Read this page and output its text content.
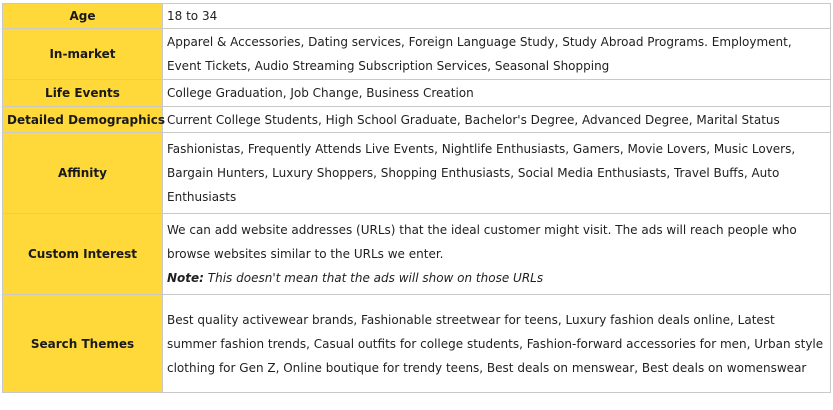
Age	18 to 34
In-market	Apparel & Accessories, Dating services, Foreign Language Study, Study Abroad Programs. Employment, Event Tickets, Audio Streaming Subscription Services, Seasonal Shopping
Life Events	College Graduation, Job Change, Business Creation
Detailed Demographics	Current College Students, High School Graduate, Bachelor's Degree, Advanced Degree, Marital Status
Affinity	Fashionistas, Frequently Attends Live Events, Nightlife Enthusiasts, Gamers, Movie Lovers, Music Lovers, Bargain Hunters, Luxury Shoppers, Shopping Enthusiasts, Social Media Enthusiasts, Travel Buffs, Auto Enthusiasts
Custom Interest	We can add website addresses (URLs) that the ideal customer might visit. The ads will reach people who browse websites similar to the URLs we enter.
Note: This doesn't mean that the ads will show on those URLs

Search Themes	Best quality activewear brands, Fashionable streetwear for teens, Luxury fashion deals online, Latest summer fashion trends, Casual outfits for college students, Fashion-forward accessories for men, Urban style clothing for Gen Z, Online boutique for trendy teens, Best deals on menswear, Best deals on womenswear
